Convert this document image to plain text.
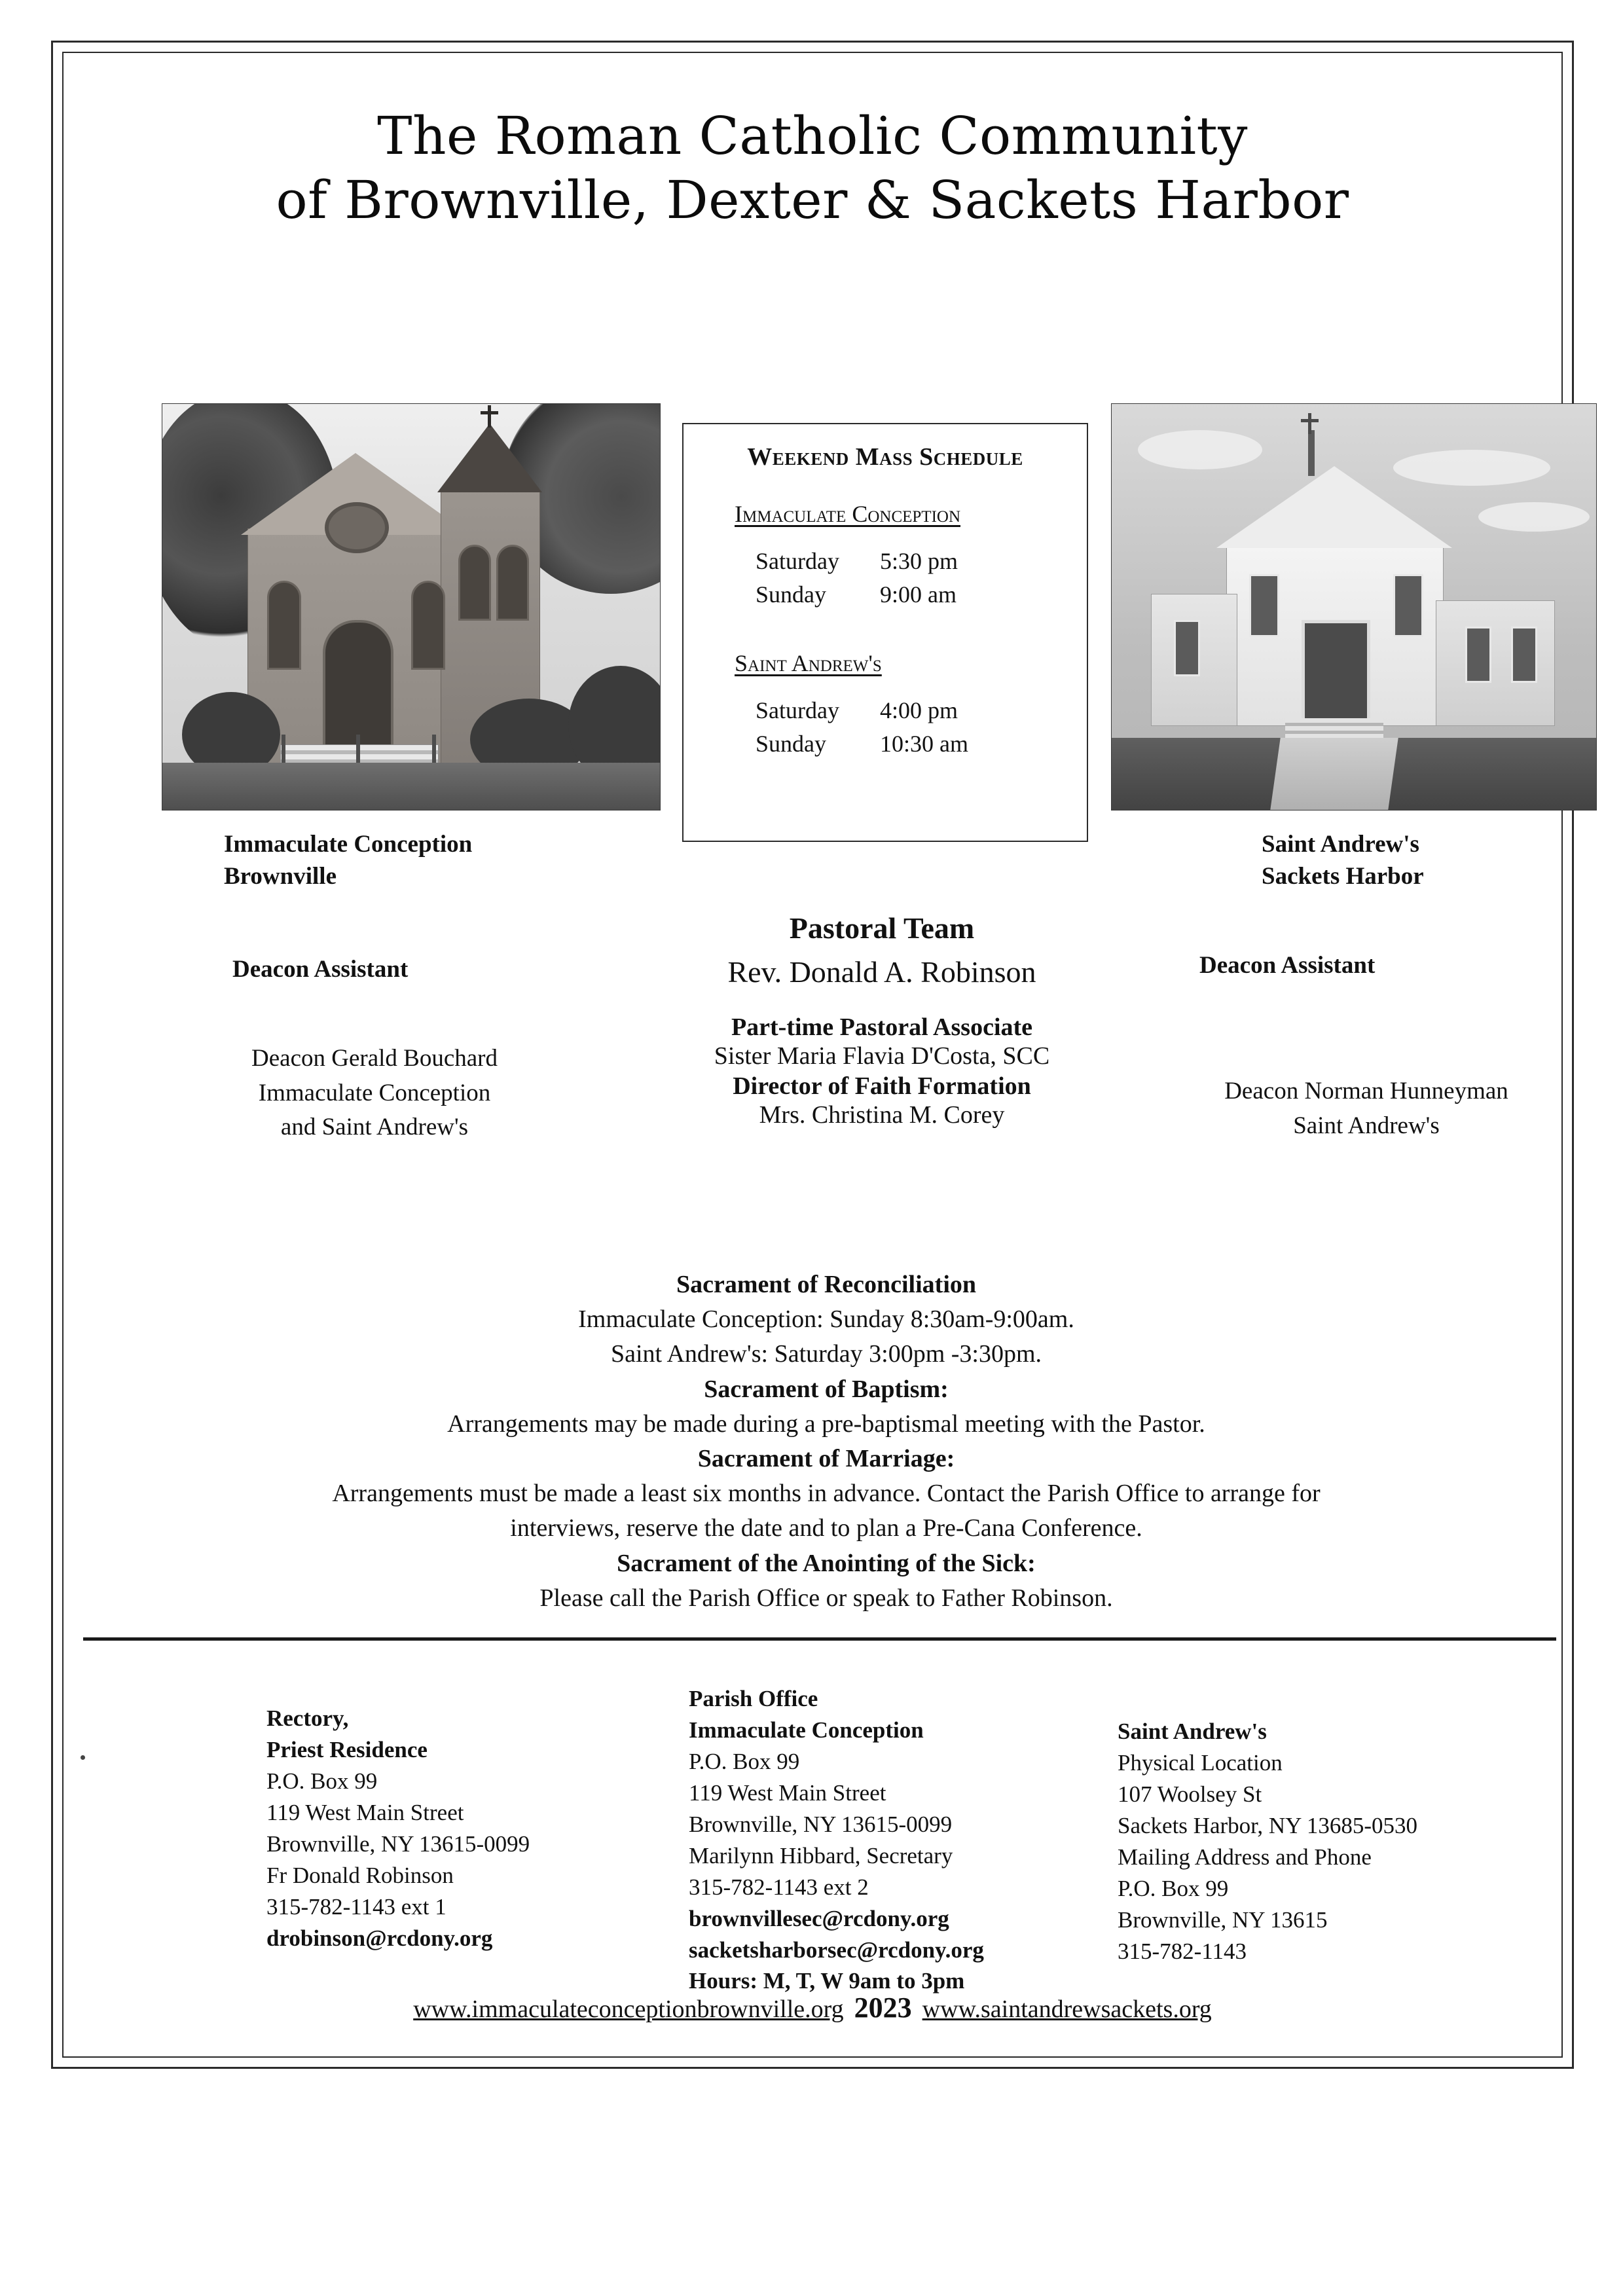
The Roman Catholic Community
of Brownville, Dexter & Sackets Harbor
Weekend Mass Schedule
Immaculate Conception
Saturday	5:30 pm
Sunday	9:00 am
Saint Andrew's
Saturday	4:00 pm
Sunday	10:30 am
Immaculate Conception
Brownville
Saint Andrew's
Sackets Harbor
Deacon Assistant
Deacon Gerald Bouchard
Immaculate Conception
and Saint Andrew's
Deacon Assistant
Deacon Norman Hunneyman
Saint Andrew's
Pastoral Team
Rev. Donald A. Robinson
Part-time Pastoral Associate
Sister Maria Flavia D'Costa, SCC
Director of Faith Formation
Mrs. Christina M. Corey
Sacrament of Reconciliation
Immaculate Conception: Sunday 8:30am-9:00am.
Saint Andrew's: Saturday 3:00pm -3:30pm.
Sacrament of Baptism:
Arrangements may be made during a pre-baptismal meeting with the Pastor.
Sacrament of Marriage:
Arrangements must be made a least six months in advance. Contact the Parish Office to arrange for
interviews, reserve the date and to plan a Pre-Cana Conference.
Sacrament of the Anointing of the Sick:
Please call the Parish Office or speak to Father Robinson.
Rectory,
Priest Residence
P.O. Box 99
119 West Main Street
Brownville, NY 13615-0099
Fr Donald Robinson
315-782-1143 ext 1
drobinson@rcdony.org
Parish Office
Immaculate Conception
P.O. Box 99
119 West Main Street
Brownville, NY 13615-0099
Marilynn Hibbard, Secretary
315-782-1143 ext 2
brownvillesec@rcdony.org
sacketsharborsec@rcdony.org
Hours: M, T, W 9am to 3pm
Saint Andrew's
Physical Location
107 Woolsey St
Sackets Harbor, NY 13685-0530
Mailing Address and Phone
P.O. Box 99
Brownville, NY 13615
315-782-1143
www.immaculateconceptionbrownville.org 2023 www.saintandrewsackets.org
